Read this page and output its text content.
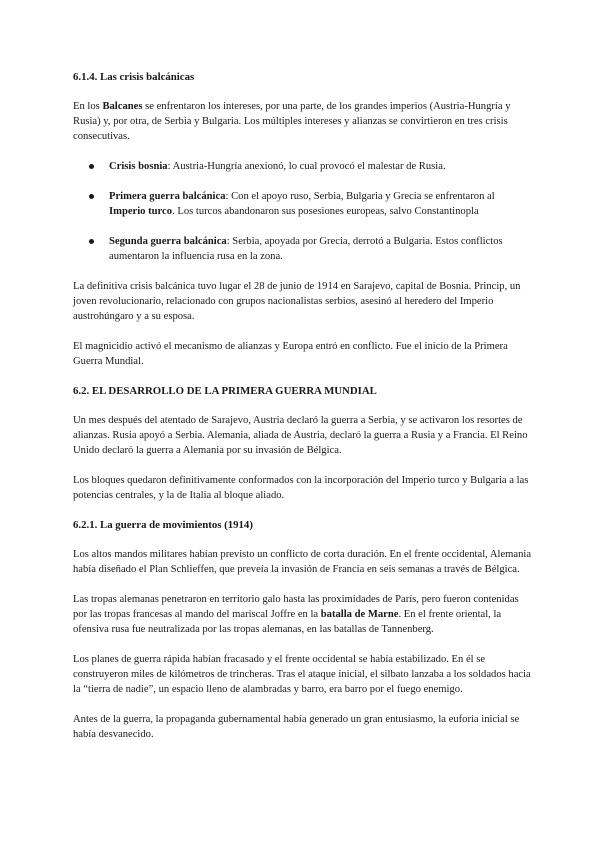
6.1.4. Las crisis balcánicas

En los Balcanes se enfrentaron los intereses, por una parte, de los grandes imperios (Austria-Hungría y Rusia) y, por otra, de Serbia y Bulgaria. Los múltiples intereses y alianzas se convirtieron en tres crisis consecutivas.

Crisis bosnia: Austria-Hungría anexionó, lo cual provocó el malestar de Rusia.
Primera guerra balcánica: Con el apoyo ruso, Serbia, Bulgaria y Grecia se enfrentaron al Imperio turco. Los turcos abandonaron sus posesiones europeas, salvo Constantinopla
Segunda guerra balcánica: Serbia, apoyada por Grecia, derrotó a Bulgaria. Estos conflictos aumentaron la influencia rusa en la zona.

La definitiva crisis balcánica tuvo lugar el 28 de junio de 1914 en Sarajevo, capital de Bosnia. Princip, un joven revolucionario, relacionado con grupos nacionalistas serbios, asesinó al heredero del Imperio austrohúngaro y a su esposa.

El magnicidio activó el mecanismo de alianzas y Europa entró en conflicto. Fue el inicio de la Primera Guerra Mundial.

6.2. EL DESARROLLO DE LA PRIMERA GUERRA MUNDIAL

Un mes después del atentado de Sarajevo, Austria declaró la guerra a Serbia, y se activaron los resortes de alianzas. Rusia apoyó a Serbia. Alemania, aliada de Austria, declaró la guerra a Rusia y a Francia. El Reino Unido declaró la guerra a Alemania por su invasión de Bélgica.

Los bloques quedaron definitivamente conformados con la incorporación del Imperio turco y Bulgaria a las potencias centrales, y la de Italia al bloque aliado.

6.2.1. La guerra de movimientos (1914)

Los altos mandos militares habían previsto un conflicto de corta duración. En el frente occidental, Alemania había diseñado el Plan Schlieffen, que preveía la invasión de Francia en seis semanas a través de Bélgica.

Las tropas alemanas penetraron en territorio galo hasta las proximidades de París, pero fueron contenidas por las tropas francesas al mando del mariscal Joffre en la batalla de Marne. En el frente oriental, la ofensiva rusa fue neutralizada por las tropas alemanas, en las batallas de Tannenberg.

Los planes de guerra rápida habían fracasado y el frente occidental se había estabilizado. En él se construyeron miles de kilómetros de trincheras. Tras el ataque inicial, el silbato lanzaba a los soldados hacia la “tierra de nadie”, un espacio lleno de alambradas y barro, era barro por el fuego enemigo.

Antes de la guerra, la propaganda gubernamental había generado un gran entusiasmo, la euforia inicial se había desvanecido.
